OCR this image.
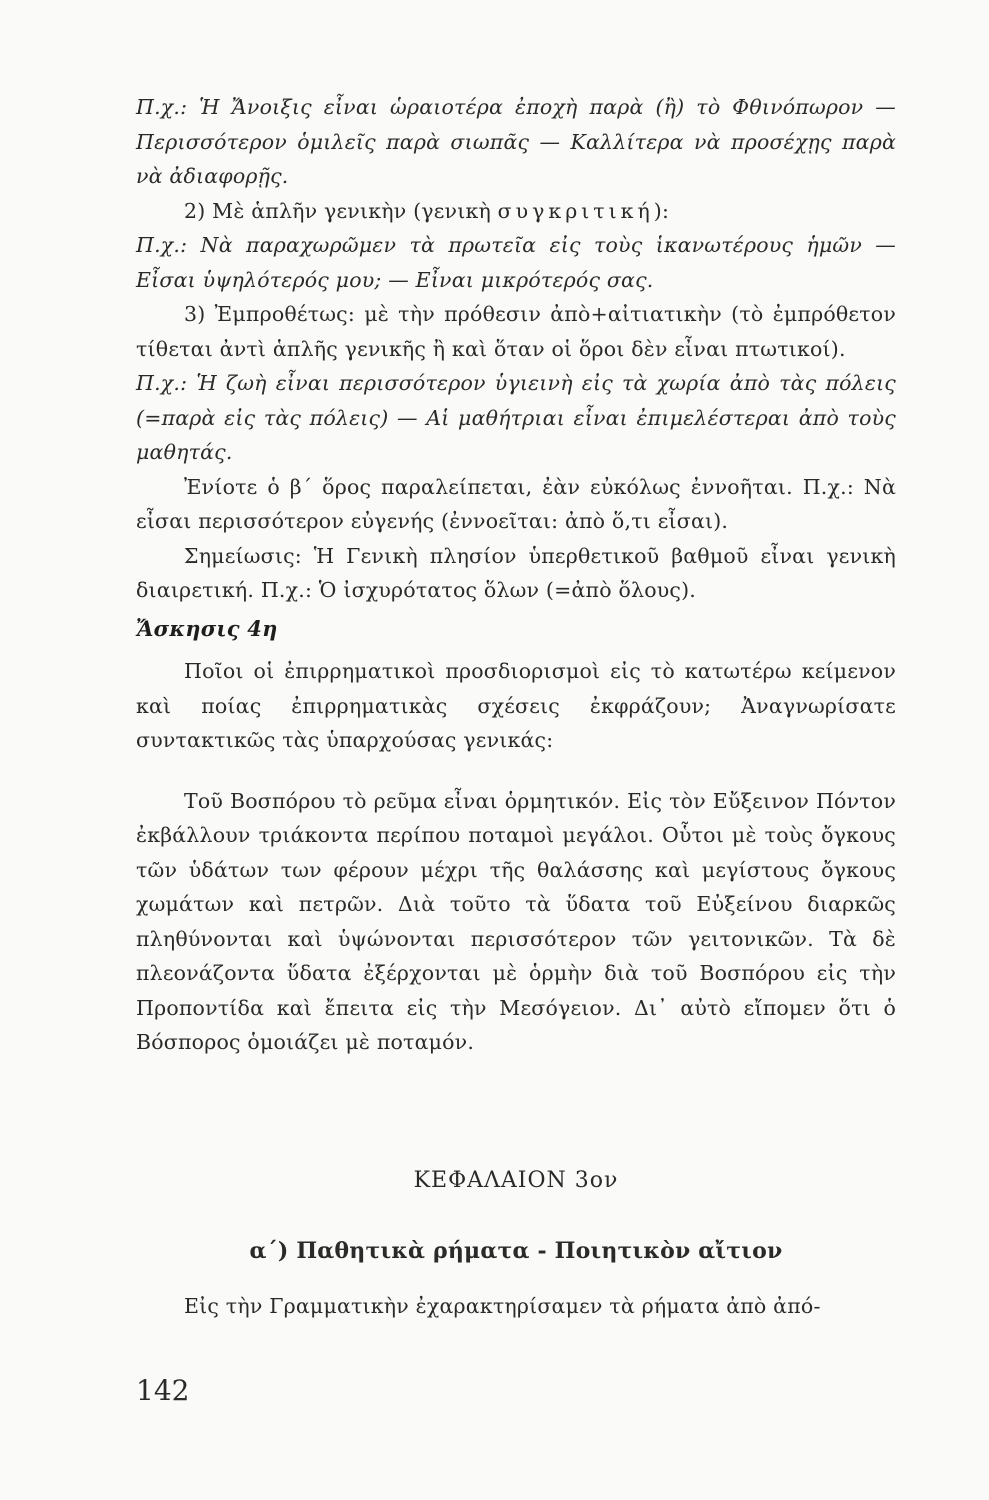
Π.χ.: Ἡ Ἄνοιξις εἶναι ὡραιοτέρα ἐποχὴ παρὰ (ἢ) τὸ Φθινόπωρον — Περισσότερον ὁμιλεῖς παρὰ σιωπᾶς — Καλλίτερα νὰ προσέχῃς παρὰ νὰ ἀδιαφορῇς.

2) Μὲ ἁπλῆν γενικὴν (γενικὴ συγκριτική):

Π.χ.: Νὰ παραχωρῶμεν τὰ πρωτεῖα εἰς τοὺς ἱκανωτέρους ἡμῶν — Εἶσαι ὑψηλότερός μου; — Εἶναι μικρότερός σας.

3) Ἐμπροθέτως: μὲ τὴν πρόθεσιν ἀπὸ+αἰτιατικὴν (τὸ ἐμπρόθετον τίθεται ἀντὶ ἁπλῆς γενικῆς ἢ καὶ ὅταν οἱ ὅροι δὲν εἶναι πτωτικοί).

Π.χ.: Ἡ ζωὴ εἶναι περισσότερον ὑγιεινὴ εἰς τὰ χωρία ἀπὸ τὰς πόλεις (=παρὰ εἰς τὰς πόλεις) — Αἱ μαθήτριαι εἶναι ἐπιμελέστεραι ἀπὸ τοὺς μαθητάς.

Ἐνίοτε ὁ β΄ ὅρος παραλείπεται, ἐὰν εὐκόλως ἐννοῆται. Π.χ.: Νὰ εἶσαι περισσότερον εὐγενής (ἐννοεῖται: ἀπὸ ὅ,τι εἶσαι).

Σημείωσις: Ἡ Γενικὴ πλησίον ὑπερθετικοῦ βαθμοῦ εἶναι γενικὴ διαιρετική. Π.χ.: Ὁ ἰσχυρότατος ὅλων (=ἀπὸ ὅλους).

Ἄσκησις 4η

Ποῖοι οἱ ἐπιρρηματικοὶ προσδιορισμοὶ εἰς τὸ κατωτέρω κείμενον καὶ ποίας ἐπιρρηματικὰς σχέσεις ἐκφράζουν; Ἀναγνωρίσατε συντακτικῶς τὰς ὑπαρχούσας γενικάς:

Τοῦ Βοσπόρου τὸ ρεῦμα εἶναι ὁρμητικόν. Εἰς τὸν Εὔξεινον Πόντον ἐκβάλλουν τριάκοντα περίπου ποταμοὶ μεγάλοι. Οὗτοι μὲ τοὺς ὄγκους τῶν ὑδάτων των φέρουν μέχρι τῆς θαλάσσης καὶ μεγίστους ὄγκους χωμάτων καὶ πετρῶν. Διὰ τοῦτο τὰ ὕδατα τοῦ Εὐξείνου διαρκῶς πληθύνονται καὶ ὑψώνονται περισσότερον τῶν γειτονικῶν. Τὰ δὲ πλεονάζοντα ὕδατα ἐξέρχονται μὲ ὁρμὴν διὰ τοῦ Βοσπόρου εἰς τὴν Προποντίδα καὶ ἔπειτα εἰς τὴν Μεσόγειον. Δι᾿ αὐτὸ εἴπομεν ὅτι ὁ Βόσπορος ὁμοιάζει μὲ ποταμόν.

ΚΕΦΑΛΑΙΟΝ 3ον
α΄) Παθητικὰ ρήματα - Ποιητικὸν αἴτιον

Εἰς τὴν Γραμματικὴν ἐχαρακτηρίσαμεν τὰ ρήματα ἀπὸ ἀπό-

142
